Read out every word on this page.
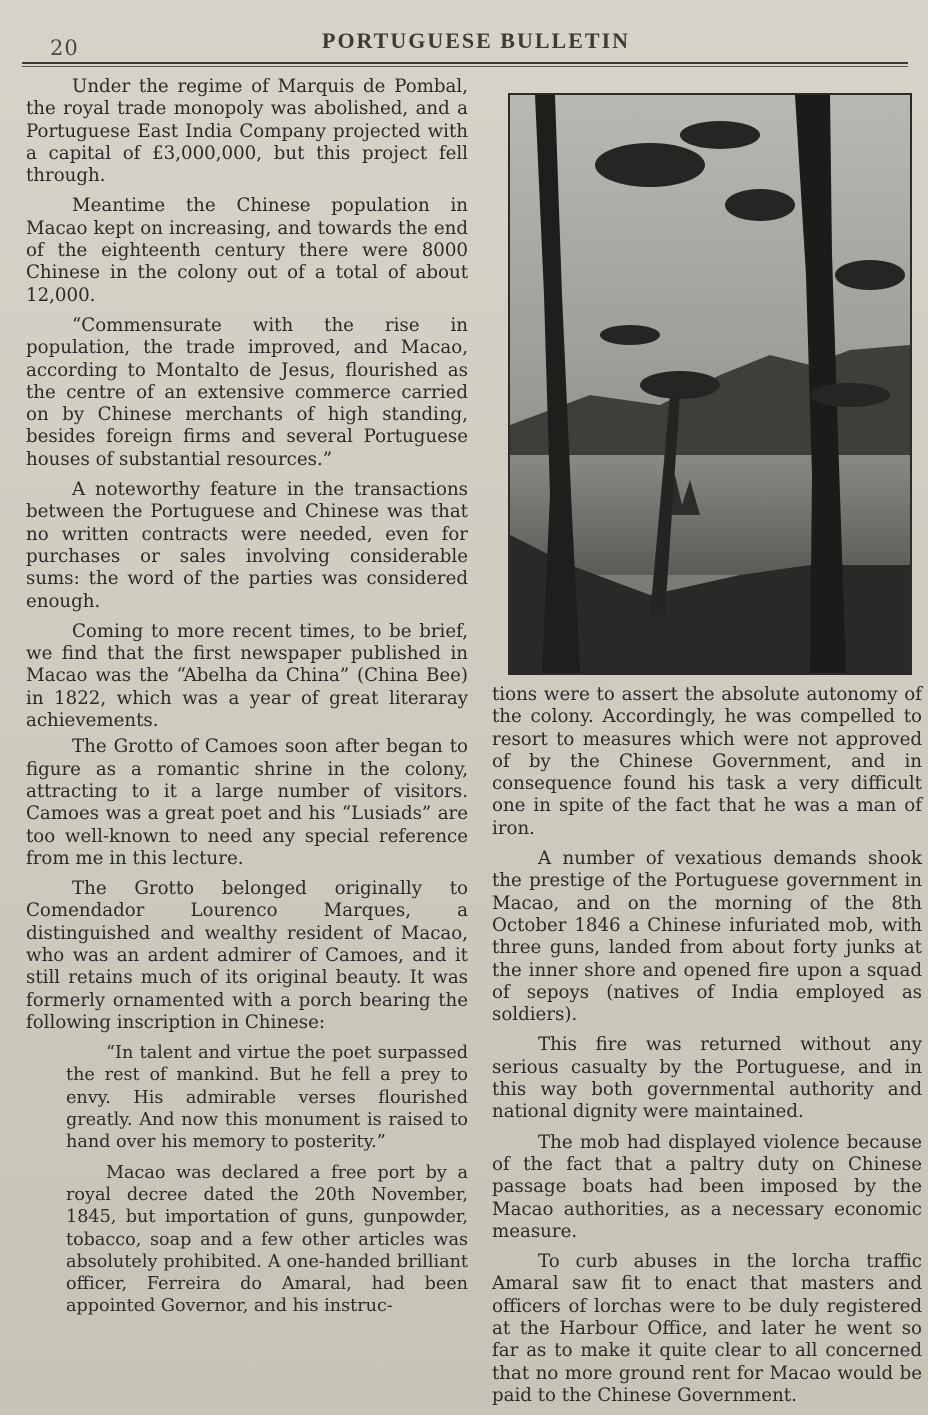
20	PORTUGUESE BULLETIN

Under the regime of Marquis de Pombal, the royal trade monopoly was abolished, and a Portuguese East India Company projected with a capital of £3,000,000, but this project fell through.

Meantime the Chinese population in Macao kept on increasing, and towards the end of the eighteenth century there were 8000 Chinese in the colony out of a total of about 12,000.

“Commensurate with the rise in population, the trade improved, and Macao, according to Montalto de Jesus, flourished as the centre of an extensive commerce carried on by Chinese merchants of high standing, besides foreign firms and several Portuguese houses of substantial resources.”

A noteworthy feature in the transactions between the Portuguese and Chinese was that no written contracts were needed, even for purchases or sales involving considerable sums: the word of the parties was considered enough.

Coming to more recent times, to be brief, we find that the first newspaper published in Macao was the “Abelha da China” (China Bee) in 1822, which was a year of great literaray achievements.

The Grotto of Camoes soon after began to figure as a romantic shrine in the colony, attracting to it a large number of visitors. Camoes was a great poet and his “Lusiads” are too well-known to need any special reference from me in this lecture.

The Grotto belonged originally to Comendador Lourenco Marques, a distinguished and wealthy resident of Macao, who was an ardent admirer of Camoes, and it still retains much of its original beauty. It was formerly ornamented with a porch bearing the following inscription in Chinese:

“In talent and virtue the poet surpassed the rest of mankind. But he fell a prey to envy. His admirable verses flourished greatly. And now this monument is raised to hand over his memory to posterity.”

Macao was declared a free port by a royal decree dated the 20th November, 1845, but importation of guns, gunpowder, tobacco, soap and a few other articles was absolutely prohibited. A one-handed brilliant officer, Ferreira do Amaral, had been appointed Governor, and his instruc-

tions were to assert the absolute autonomy of the colony. Accordingly, he was compelled to resort to measures which were not approved of by the Chinese Government, and in consequence found his task a very difficult one in spite of the fact that he was a man of iron.

A number of vexatious demands shook the prestige of the Portuguese government in Macao, and on the morning of the 8th October 1846 a Chinese infuriated mob, with three guns, landed from about forty junks at the inner shore and opened fire upon a squad of sepoys (natives of India employed as soldiers).

This fire was returned without any serious casualty by the Portuguese, and in this way both governmental authority and national dignity were maintained.

The mob had displayed violence because of the fact that a paltry duty on Chinese passage boats had been imposed by the Macao authorities, as a necessary economic measure.

To curb abuses in the lorcha traffic Amaral saw fit to enact that masters and officers of lorchas were to be duly registered at the Harbour Office, and later he went so far as to make it quite clear to all concerned that no more ground rent for Macao would be paid to the Chinese Government.
